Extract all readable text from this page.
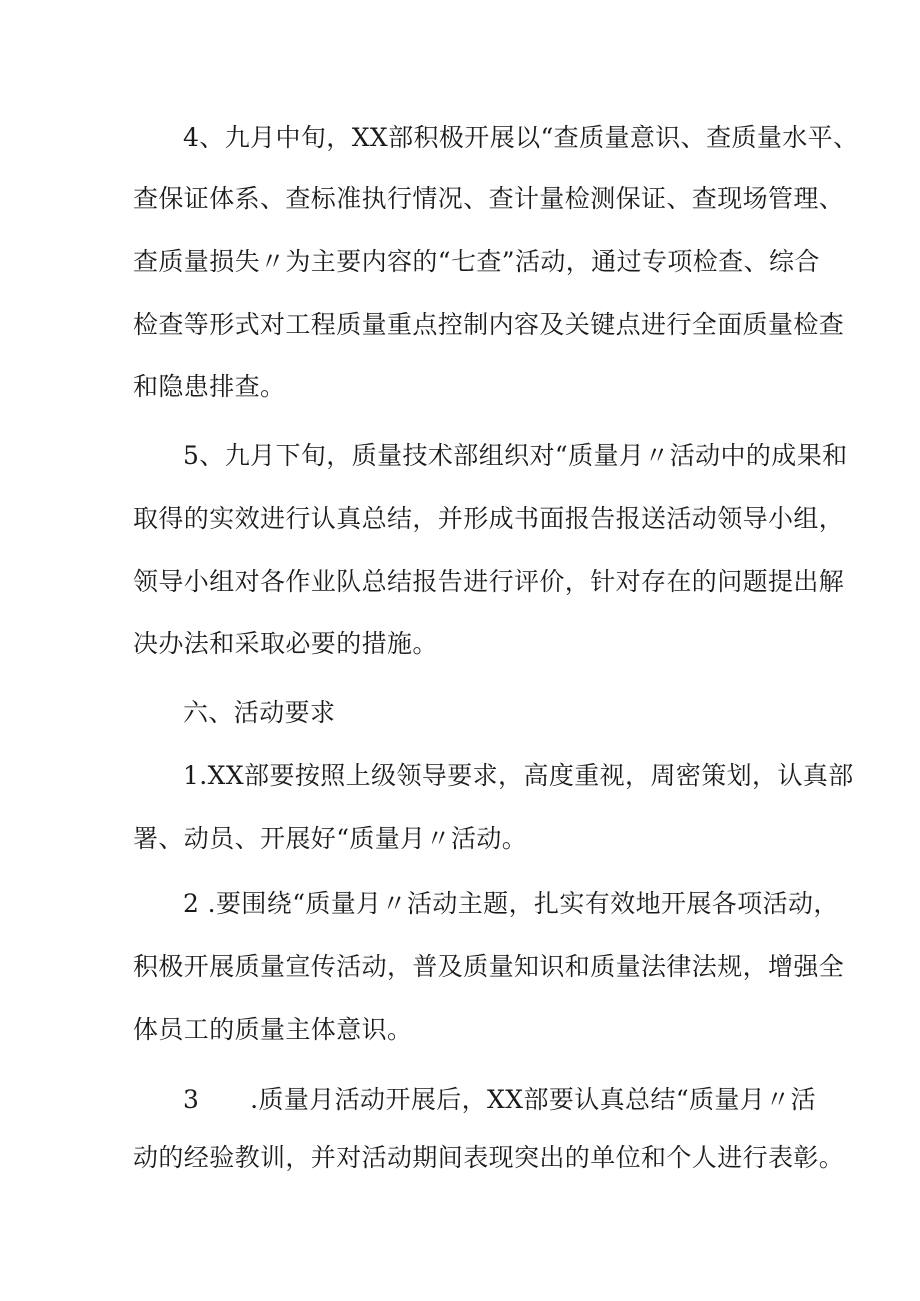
4、九月中旬，XX部积极开展以“查质量意识、查质量水平、
查保证体系、查标准执行情况、查计量检测保证、查现场管理、
查质量损失〃为主要内容的“七查”活动，通过专项检查、综合
检查等形式对工程质量重点控制内容及关键点进行全面质量检查
和隐患排查。
5、九月下旬，质量技术部组织对“质量月〃活动中的成果和
取得的实效进行认真总结，并形成书面报告报送活动领导小组，
领导小组对各作业队总结报告进行评价，针对存在的问题提出解
决办法和采取必要的措施。
六、活动要求
1.XX部要按照上级领导要求，高度重视，周密策划，认真部
署、动员、开展好“质量月〃活动。
2 .要围绕“质量月〃活动主题，扎实有效地开展各项活动，
积极开展质量宣传活动，普及质量知识和质量法律法规，增强全
体员工的质量主体意识。
3　　.质量月活动开展后，XX部要认真总结“质量月〃活
动的经验教训，并对活动期间表现突出的单位和个人进行表彰。
